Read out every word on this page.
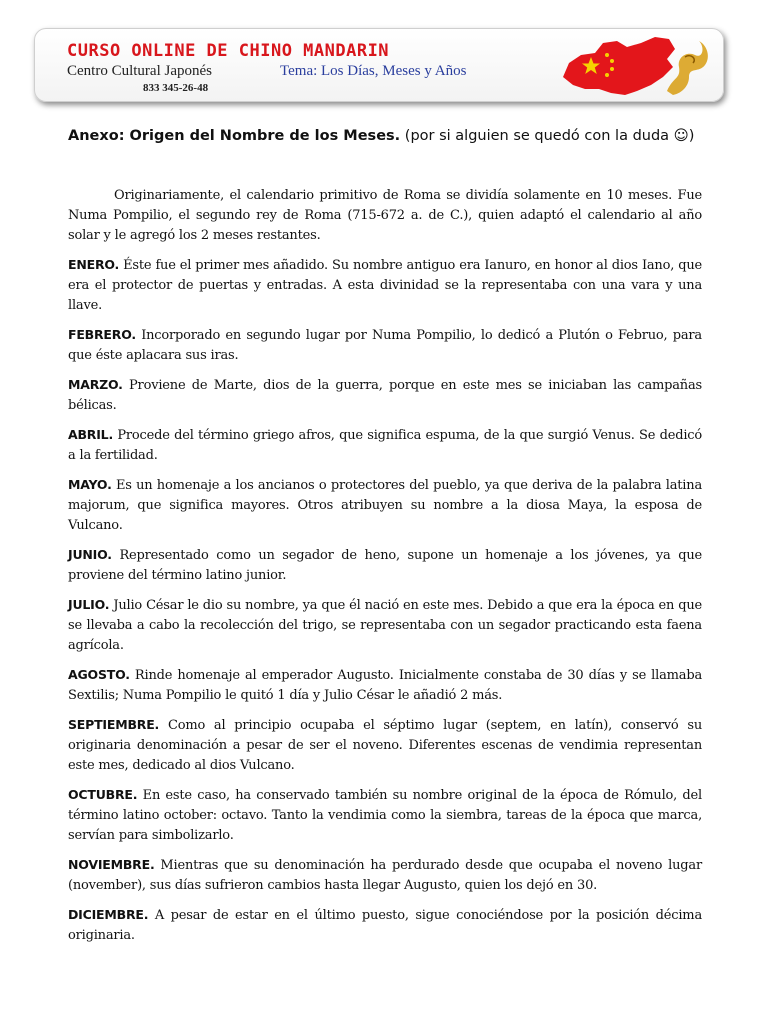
CURSO ONLINE DE CHINO MANDARIN
Centro Cultural Japonés
833 345-26-48
Tema: Los Días, Meses y Años
Anexo: Origen del Nombre de los Meses. (por si alguien se quedó con la duda ☺)

Originariamente, el calendario primitivo de Roma se dividía solamente en 10 meses. Fue Numa Pompilio, el segundo rey de Roma (715-672 a. de C.), quien adaptó el calendario al año solar y le agregó los 2 meses restantes.

ENERO. Éste fue el primer mes añadido. Su nombre antiguo era Ianuro, en honor al dios Iano, que era el protector de puertas y entradas. A esta divinidad se la representaba con una vara y una llave.

FEBRERO. Incorporado en segundo lugar por Numa Pompilio, lo dedicó a Plutón o Februo, para que éste aplacara sus iras.

MARZO. Proviene de Marte, dios de la guerra, porque en este mes se iniciaban las campañas bélicas.

ABRIL. Procede del término griego afros, que significa espuma, de la que surgió Venus. Se dedicó a la fertilidad.

MAYO. Es un homenaje a los ancianos o protectores del pueblo, ya que deriva de la palabra latina majorum, que significa mayores. Otros atribuyen su nombre a la diosa Maya, la esposa de Vulcano.

JUNIO. Representado como un segador de heno, supone un homenaje a los jóvenes, ya que proviene del término latino junior.

JULIO. Julio César le dio su nombre, ya que él nació en este mes. Debido a que era la época en que se llevaba a cabo la recolección del trigo, se representaba con un segador practicando esta faena agrícola.

AGOSTO. Rinde homenaje al emperador Augusto. Inicialmente constaba de 30 días y se llamaba Sextilis; Numa Pompilio le quitó 1 día y Julio César le añadió 2 más.

SEPTIEMBRE. Como al principio ocupaba el séptimo lugar (septem, en latín), conservó su originaria denominación a pesar de ser el noveno. Diferentes escenas de vendimia representan este mes, dedicado al dios Vulcano.

OCTUBRE. En este caso, ha conservado también su nombre original de la época de Rómulo, del término latino october: octavo. Tanto la vendimia como la siembra, tareas de la época que marca, servían para simbolizarlo.

NOVIEMBRE. Mientras que su denominación ha perdurado desde que ocupaba el noveno lugar (november), sus días sufrieron cambios hasta llegar Augusto, quien los dejó en 30.

DICIEMBRE. A pesar de estar en el último puesto, sigue conociéndose por la posición décima originaria.
